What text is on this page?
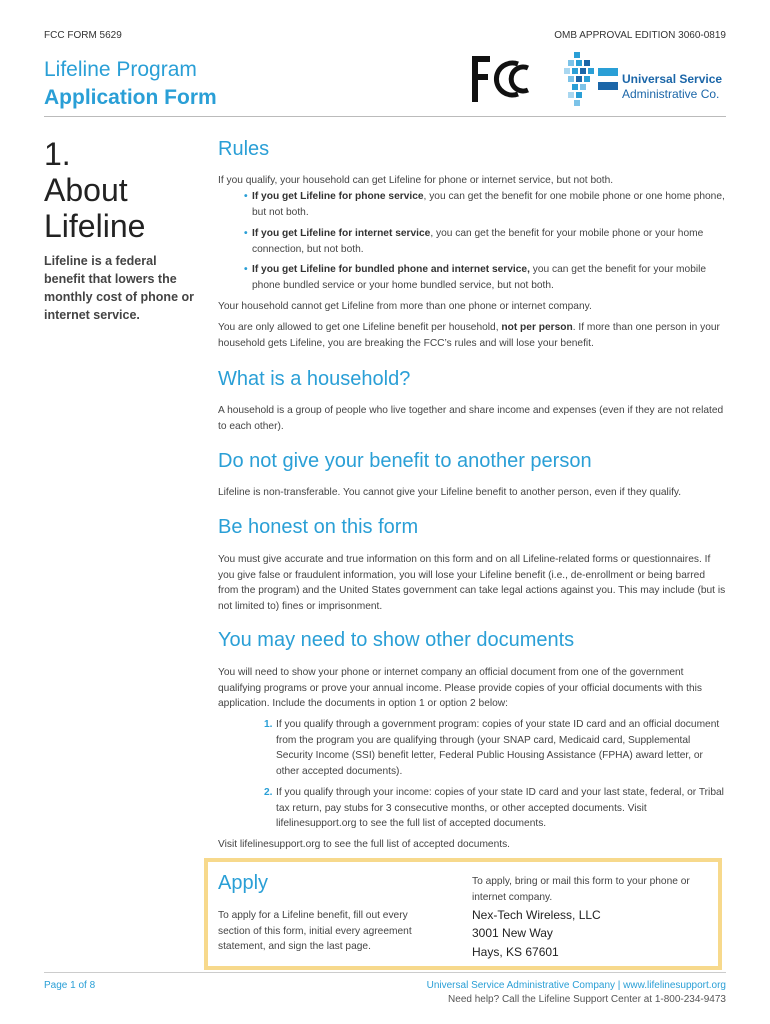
FCC FORM 5629	OMB APPROVAL EDITION 3060-0819
Lifeline Program
Application Form
Universal Service
Administrative Co.
1.
About Lifeline
Lifeline is a federal benefit that lowers the monthly cost of phone or internet service.
Rules
If you qualify, your household can get Lifeline for phone or internet service, but not both.
• If you get Lifeline for phone service, you can get the benefit for one mobile phone or one home phone, but not both.
• If you get Lifeline for internet service, you can get the benefit for your mobile phone or your home connection, but not both.
• If you get Lifeline for bundled phone and internet service, you can get the benefit for your mobile phone bundled service or your home bundled service, but not both.
Your household cannot get Lifeline from more than one phone or internet company.
You are only allowed to get one Lifeline benefit per household, not per person. If more than one person in your household gets Lifeline, you are breaking the FCC’s rules and will lose your benefit.
What is a household?
A household is a group of people who live together and share income and expenses (even if they are not related to each other).
Do not give your benefit to another person
Lifeline is non-transferable. You cannot give your Lifeline benefit to another person, even if they qualify.
Be honest on this form
You must give accurate and true information on this form and on all Lifeline-related forms or questionnaires. If you give false or fraudulent information, you will lose your Lifeline benefit (i.e., de-enrollment or being barred from the program) and the United States government can take legal actions against you. This may include (but is not limited to) fines or imprisonment.
You may need to show other documents
You will need to show your phone or internet company an official document from one of the government qualifying programs or prove your annual income. Please provide copies of your official documents with this application. Include the documents in option 1 or option 2 below:
1. If you qualify through a government program: copies of your state ID card and an official document from the program you are qualifying through (your SNAP card, Medicaid card, Supplemental Security Income (SSI) benefit letter, Federal Public Housing Assistance (FPHA) award letter, or other accepted documents).
2. If you qualify through your income: copies of your state ID card and your last state, federal, or Tribal tax return, pay stubs for 3 consecutive months, or other accepted documents. Visit lifelinesupport.org to see the full list of accepted documents.
Visit lifelinesupport.org to see the full list of accepted documents.
Apply
To apply for a Lifeline benefit, fill out every section of this form, initial every agreement statement, and sign the last page.
To apply, bring or mail this form to your phone or internet company.
Nex-Tech Wireless, LLC
3001 New Way
Hays, KS 67601
Page 1 of 8	Universal Service Administrative Company | www.lifelinesupport.org
Need help? Call the Lifeline Support Center at 1-800-234-9473
